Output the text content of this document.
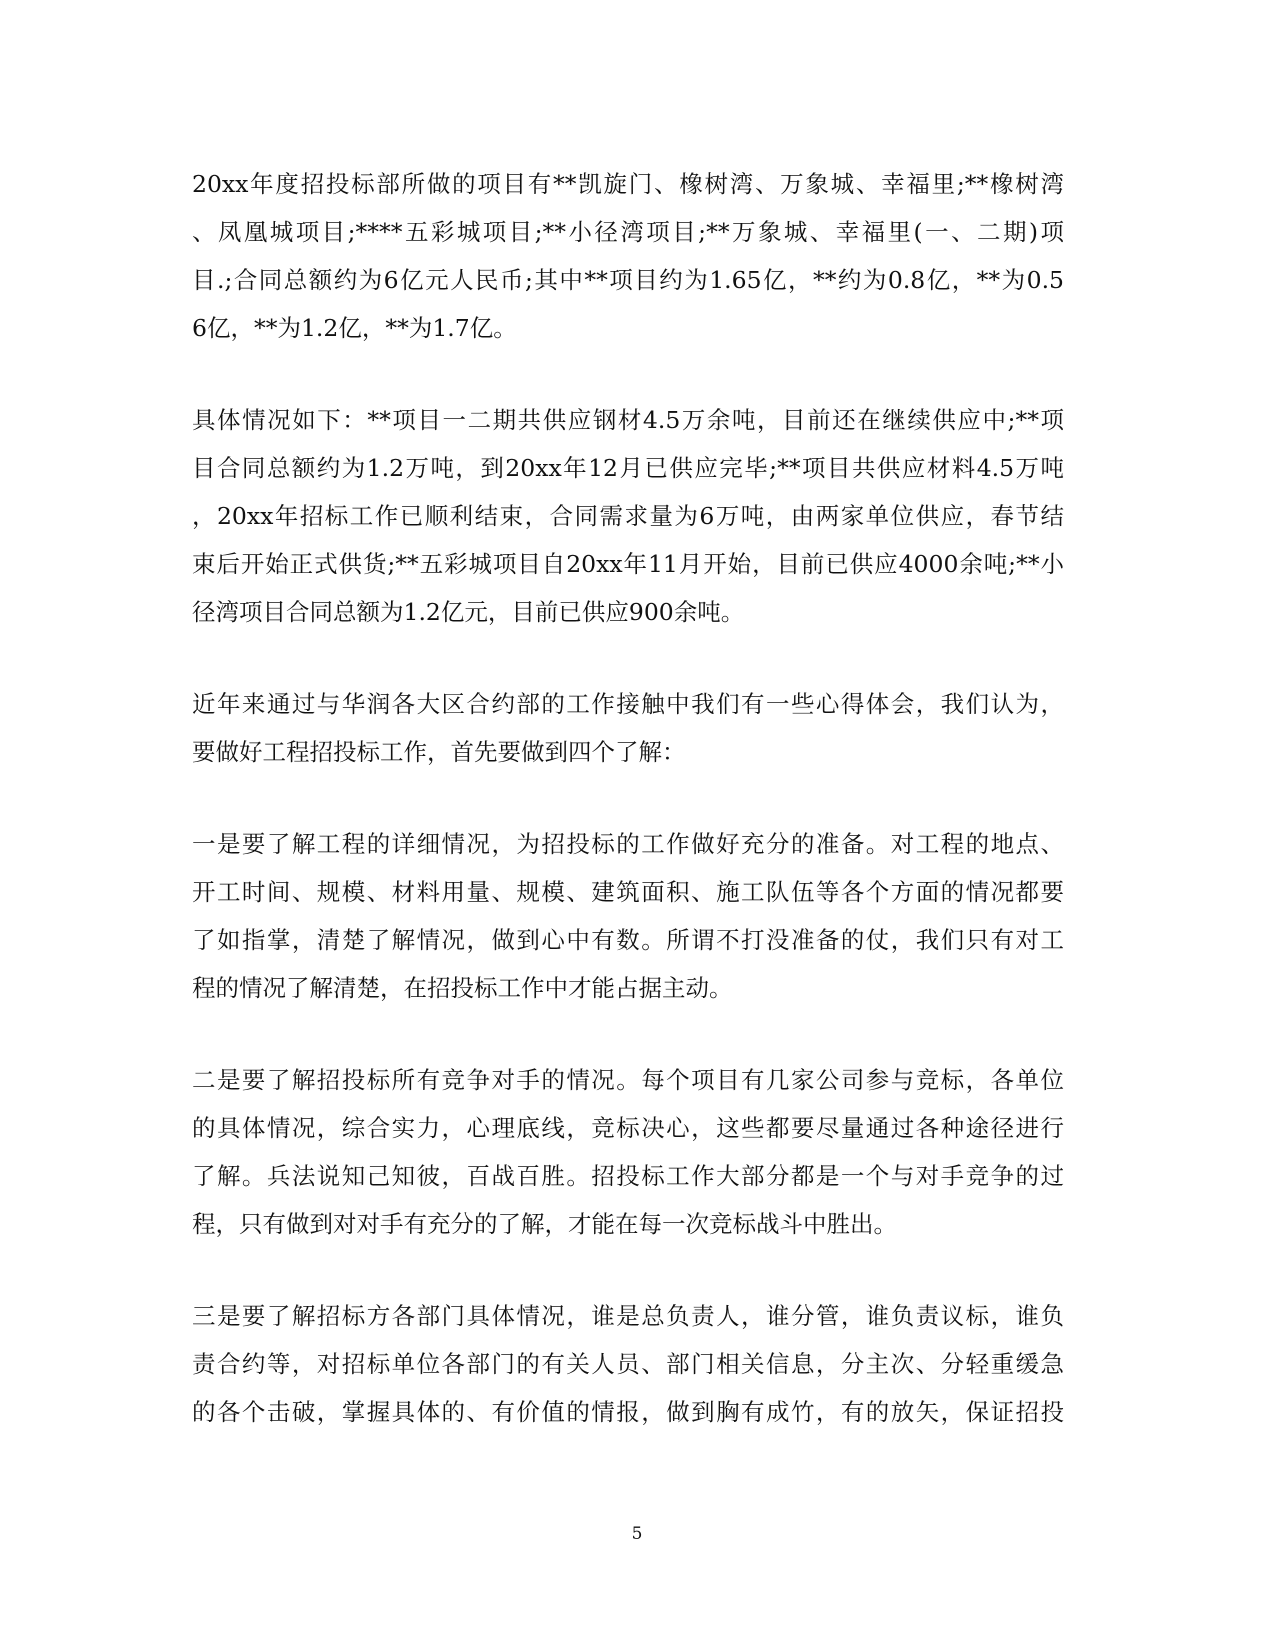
20xx年度招投标部所做的项目有**凯旋门、橡树湾、万象城、幸福里;**橡树湾
、凤凰城项目;****五彩城项目;**小径湾项目;**万象城、幸福里(一、二期)项
目.;合同总额约为6亿元人民币;其中**项目约为1.65亿，**约为0.8亿，**为0.5
6亿，**为1.2亿，**为1.7亿。

具体情况如下：**项目一二期共供应钢材4.5万余吨，目前还在继续供应中;**项
目合同总额约为1.2万吨，到20xx年12月已供应完毕;**项目共供应材料4.5万吨
，20xx年招标工作已顺利结束，合同需求量为6万吨，由两家单位供应，春节结
束后开始正式供货;**五彩城项目自20xx年11月开始，目前已供应4000余吨;**小
径湾项目合同总额为1.2亿元，目前已供应900余吨。

近年来通过与华润各大区合约部的工作接触中我们有一些心得体会，我们认为，
要做好工程招投标工作，首先要做到四个了解：

一是要了解工程的详细情况，为招投标的工作做好充分的准备。对工程的地点、
开工时间、规模、材料用量、规模、建筑面积、施工队伍等各个方面的情况都要
了如指掌，清楚了解情况，做到心中有数。所谓不打没准备的仗，我们只有对工
程的情况了解清楚，在招投标工作中才能占据主动。

二是要了解招投标所有竞争对手的情况。每个项目有几家公司参与竞标，各单位
的具体情况，综合实力，心理底线，竞标决心，这些都要尽量通过各种途径进行
了解。兵法说知己知彼，百战百胜。招投标工作大部分都是一个与对手竞争的过
程，只有做到对对手有充分的了解，才能在每一次竞标战斗中胜出。

三是要了解招标方各部门具体情况，谁是总负责人，谁分管，谁负责议标，谁负
责合约等，对招标单位各部门的有关人员、部门相关信息，分主次、分轻重缓急
的各个击破，掌握具体的、有价值的情报，做到胸有成竹，有的放矢，保证招投

5
